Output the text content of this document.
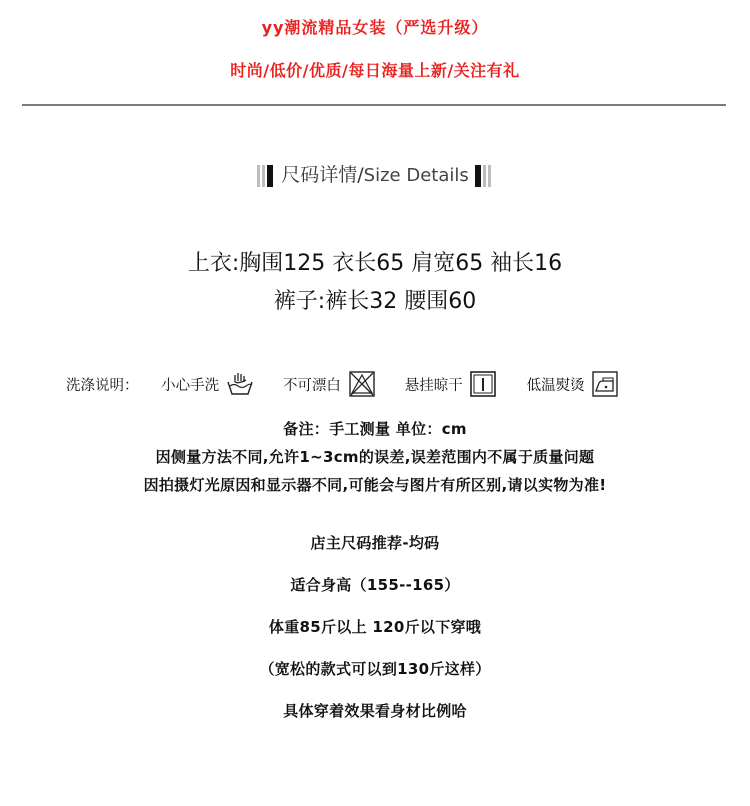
yy潮流精品女装（严选升级）
时尚/低价/优质/每日海量上新/关注有礼
尺码详情/Size Details
上衣:胸围125 衣长65 肩宽65 袖长16
裤子:裤长32 腰围60
洗涤说明： 小心手洗	不可漂白	悬挂晾干	低温熨烫
备注：手工测量 单位：cm
因侧量方法不同,允许1~3cm的误差,误差范围内不属于质量问题
因拍摄灯光原因和显示器不同,可能会与图片有所区别,请以实物为准!
店主尺码推荐-均码
适合身高（155--165）
体重85斤以上 120斤以下穿哦
（宽松的款式可以到130斤这样）
具体穿着效果看身材比例哈
